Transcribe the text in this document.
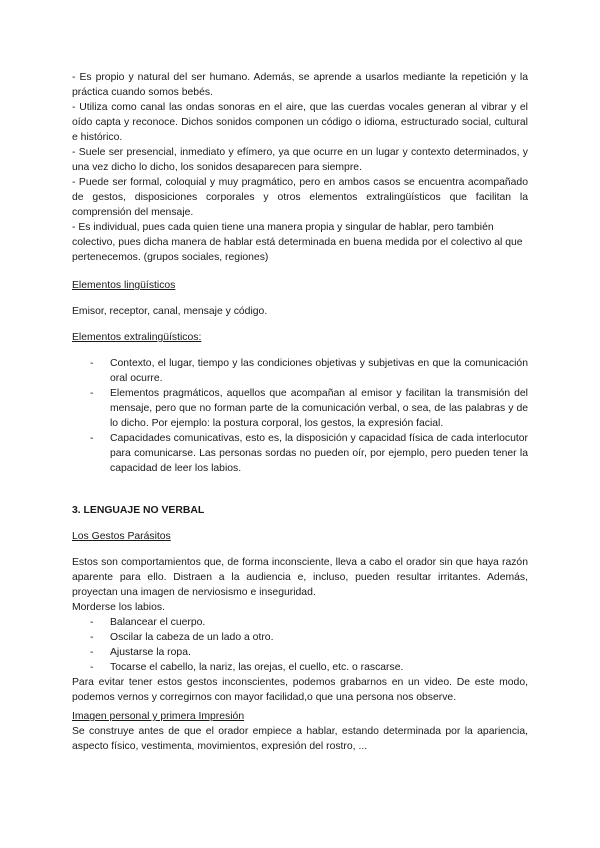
- Es propio y natural del ser humano. Además, se aprende a usarlos mediante la repetición y la práctica cuando somos bebés.

- Utiliza como canal las ondas sonoras en el aire, que las cuerdas vocales generan al vibrar y el oído capta y reconoce. Dichos sonidos componen un código o idioma, estructurado social, cultural e histórico.

- Suele ser presencial, inmediato y efímero, ya que ocurre en un lugar y contexto determinados, y una vez dicho lo dicho, los sonidos desaparecen para siempre.

- Puede ser formal, coloquial y muy pragmático, pero en ambos casos se encuentra acompañado de gestos, disposiciones corporales y otros elementos extralingüísticos que facilitan la comprensión del mensaje.

- Es individual, pues cada quien tiene una manera propia y singular de hablar, pero también colectivo, pues dicha manera de hablar está determinada en buena medida por el colectivo al que pertenecemos. (grupos sociales, regiones)

Elementos lingüísticos

Emisor, receptor, canal, mensaje y código.

Elementos extralingüísticos:

- Contexto, el lugar, tiempo y las condiciones objetivas y subjetivas en que la comunicación oral ocurre.
- Elementos pragmáticos, aquellos que acompañan al emisor y facilitan la transmisión del mensaje, pero que no forman parte de la comunicación verbal, o sea, de las palabras y de lo dicho. Por ejemplo: la postura corporal, los gestos, la expresión facial.
- Capacidades comunicativas, esto es, la disposición y capacidad física de cada interlocutor para comunicarse. Las personas sordas no pueden oír, por ejemplo, pero pueden tener la capacidad de leer los labios.

3. LENGUAJE NO VERBAL

Los Gestos Parásitos

Estos son comportamientos que, de forma inconsciente, lleva a cabo el orador sin que haya razón aparente para ello. Distraen a la audiencia e, incluso, pueden resultar irritantes. Además, proyectan una imagen de nerviosismo e inseguridad.

Morderse los labios.

- Balancear el cuerpo.
- Oscilar la cabeza de un lado a otro.
- Ajustarse la ropa.
- Tocarse el cabello, la nariz, las orejas, el cuello, etc. o rascarse.

Para evitar tener estos gestos inconscientes, podemos grabarnos en un video. De este modo, podemos vernos y corregirnos con mayor facilidad,o que una persona nos observe.

Imagen personal y primera Impresión

Se construye antes de que el orador empiece a hablar, estando determinada por la apariencia, aspecto físico, vestimenta, movimientos, expresión del rostro, ...
